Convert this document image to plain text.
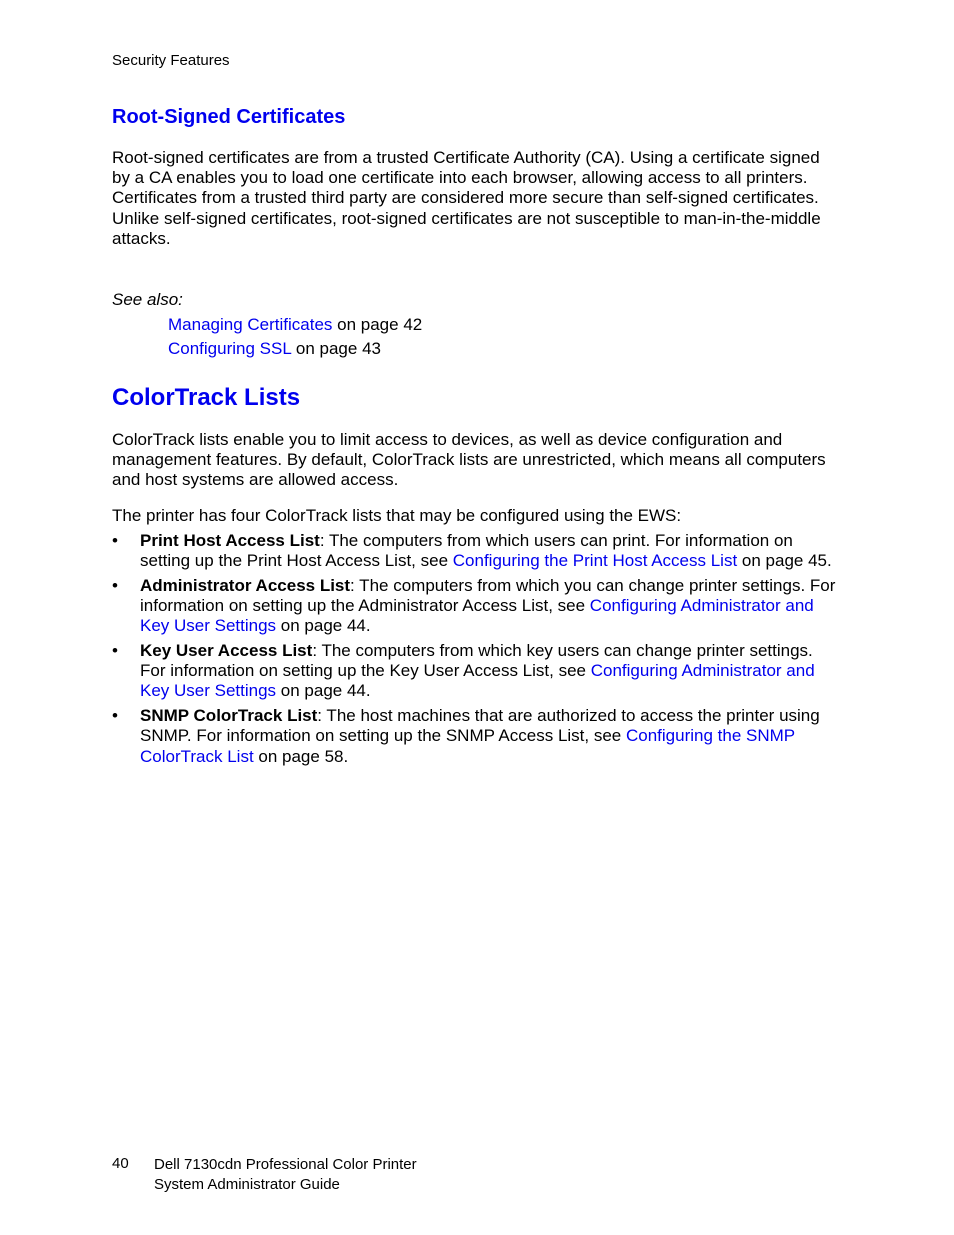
Security Features
Root-Signed Certificates

Root-signed certificates are from a trusted Certificate Authority (CA). Using a certificate signed by a CA enables you to load one certificate into each browser, allowing access to all printers. Certificates from a trusted third party are considered more secure than self-signed certificates. Unlike self-signed certificates, root-signed certificates are not susceptible to man-in-the-middle attacks.

See also:

Managing Certificates on page 42
Configuring SSL on page 43
ColorTrack Lists

ColorTrack lists enable you to limit access to devices, as well as device configuration and management features. By default, ColorTrack lists are unrestricted, which means all computers and host systems are allowed access.

The printer has four ColorTrack lists that may be configured using the EWS:

• Print Host Access List: The computers from which users can print. For information on setting up the Print Host Access List, see Configuring the Print Host Access List on page 45.
• Administrator Access List: The computers from which you can change printer settings. For information on setting up the Administrator Access List, see Configuring Administrator and Key User Settings on page 44.
• Key User Access List: The computers from which key users can change printer settings. For information on setting up the Key User Access List, see Configuring Administrator and Key User Settings on page 44.
• SNMP ColorTrack List: The host machines that are authorized to access the printer using SNMP. For information on setting up the SNMP Access List, see Configuring the SNMP ColorTrack List on page 58.
40 Dell 7130cdn Professional Color Printer
System Administrator Guide
